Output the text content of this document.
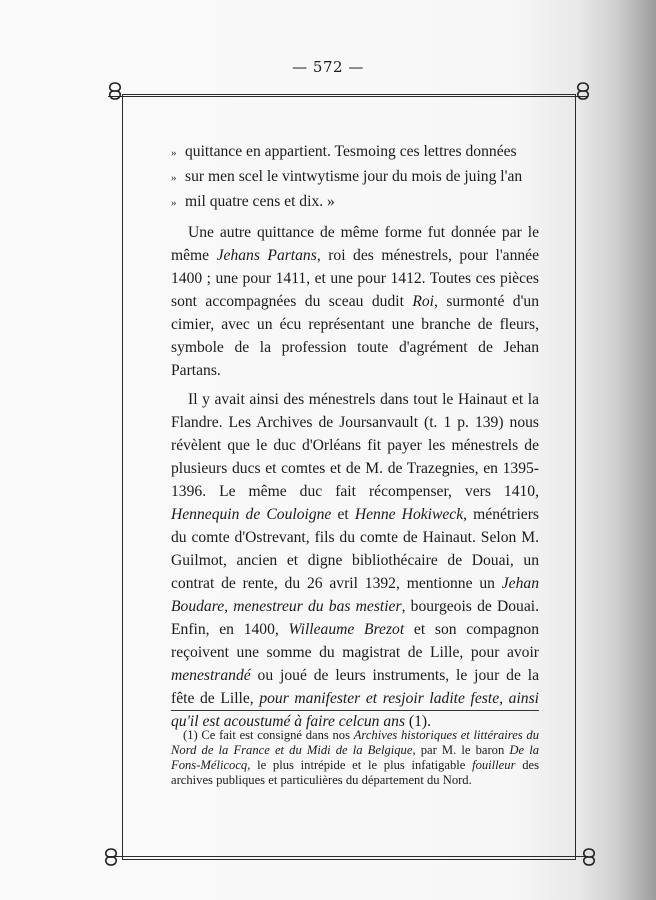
— 572 —

» quittance en appartient. Tesmoing ces lettres données
» sur men scel le vintwytisme jour du mois de juing l'an
» mil quatre cens et dix. »

Une autre quittance de même forme fut donnée par le même Jehans Partans, roi des ménestrels, pour l'année 1400 ; une pour 1411, et une pour 1412. Toutes ces pièces sont accompagnées du sceau dudit Roi, surmonté d'un cimier, avec un écu représentant une branche de fleurs, symbole de la profession toute d'agrément de Jehan Partans.

Il y avait ainsi des ménestrels dans tout le Hainaut et la Flandre. Les Archives de Joursanvault (t. 1 p. 139) nous révèlent que le duc d'Orléans fit payer les ménestrels de plusieurs ducs et comtes et de M. de Trazegnies, en 1395-1396. Le même duc fait récompenser, vers 1410, Hennequin de Couloigne et Henne Hokiweck, ménétriers du comte d'Ostrevant, fils du comte de Hainaut. Selon M. Guilmot, ancien et digne bibliothécaire de Douai, un contrat de rente, du 26 avril 1392, mentionne un Jehan Boudare, menestreur du bas mestier, bourgeois de Douai. Enfin, en 1400, Willeaume Brezot et son compagnon reçoivent une somme du magistrat de Lille, pour avoir menestrandé ou joué de leurs instruments, le jour de la fête de Lille, pour manifester et resjoir ladite feste, ainsi qu'il est acoustumé à faire celcun ans (1).

(1) Ce fait est consigné dans nos Archives historiques et littéraires du Nord de la France et du Midi de la Belgique, par M. le baron De la Fons-Mélicocq, le plus intrépide et le plus infatigable fouilleur des archives publiques et particulières du département du Nord.
